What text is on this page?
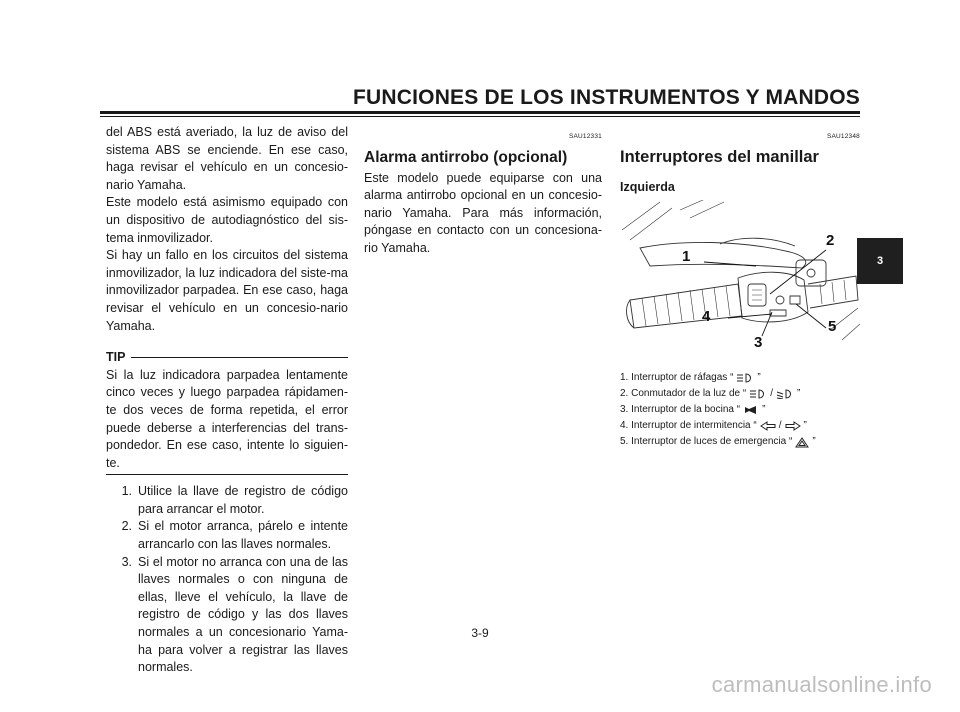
FUNCIONES DE LOS INSTRUMENTOS Y MANDOS
3

del ABS está averiado, la luz de aviso del sistema ABS se enciende. En ese caso, haga revisar el vehículo en un concesio-nario Yamaha.

Este modelo está asimismo equipado con un dispositivo de autodiagnóstico del sis-tema inmovilizador.

Si hay un fallo en los circuitos del sistema inmovilizador, la luz indicadora del siste-ma inmovilizador parpadea. En ese caso, haga revisar el vehículo en un concesio-nario Yamaha.

TIP

Si la luz indicadora parpadea lentamente cinco veces y luego parpadea rápidamen-te dos veces de forma repetida, el error puede deberse a interferencias del trans-pondedor. En ese caso, intente lo siguien-te.

1. Utilice la llave de registro de código para arrancar el motor.
2. Si el motor arranca, párelo e intente arrancarlo con las llaves normales.
3. Si el motor no arranca con una de las llaves normales o con ninguna de ellas, lleve el vehículo, la llave de registro de código y las dos llaves normales a un concesionario Yama-ha para volver a registrar las llaves normales.
SAU12331
Alarma antirrobo (opcional)

Este modelo puede equiparse con una alarma antirrobo opcional en un concesio-nario Yamaha. Para más información, póngase en contacto con un concesiona-rio Yamaha.

SAU12348
Interruptores del manillar
Izquierda
1
2
3
4
5
1. Interruptor de ráfagas “ ”
2. Conmutador de la luz de “ / ”
3. Interruptor de la bocina “ ”
4. Interruptor de intermitencia “ / ”
5. Interruptor de luces de emergencia “ ”
3-9
carmanualsonline.info
